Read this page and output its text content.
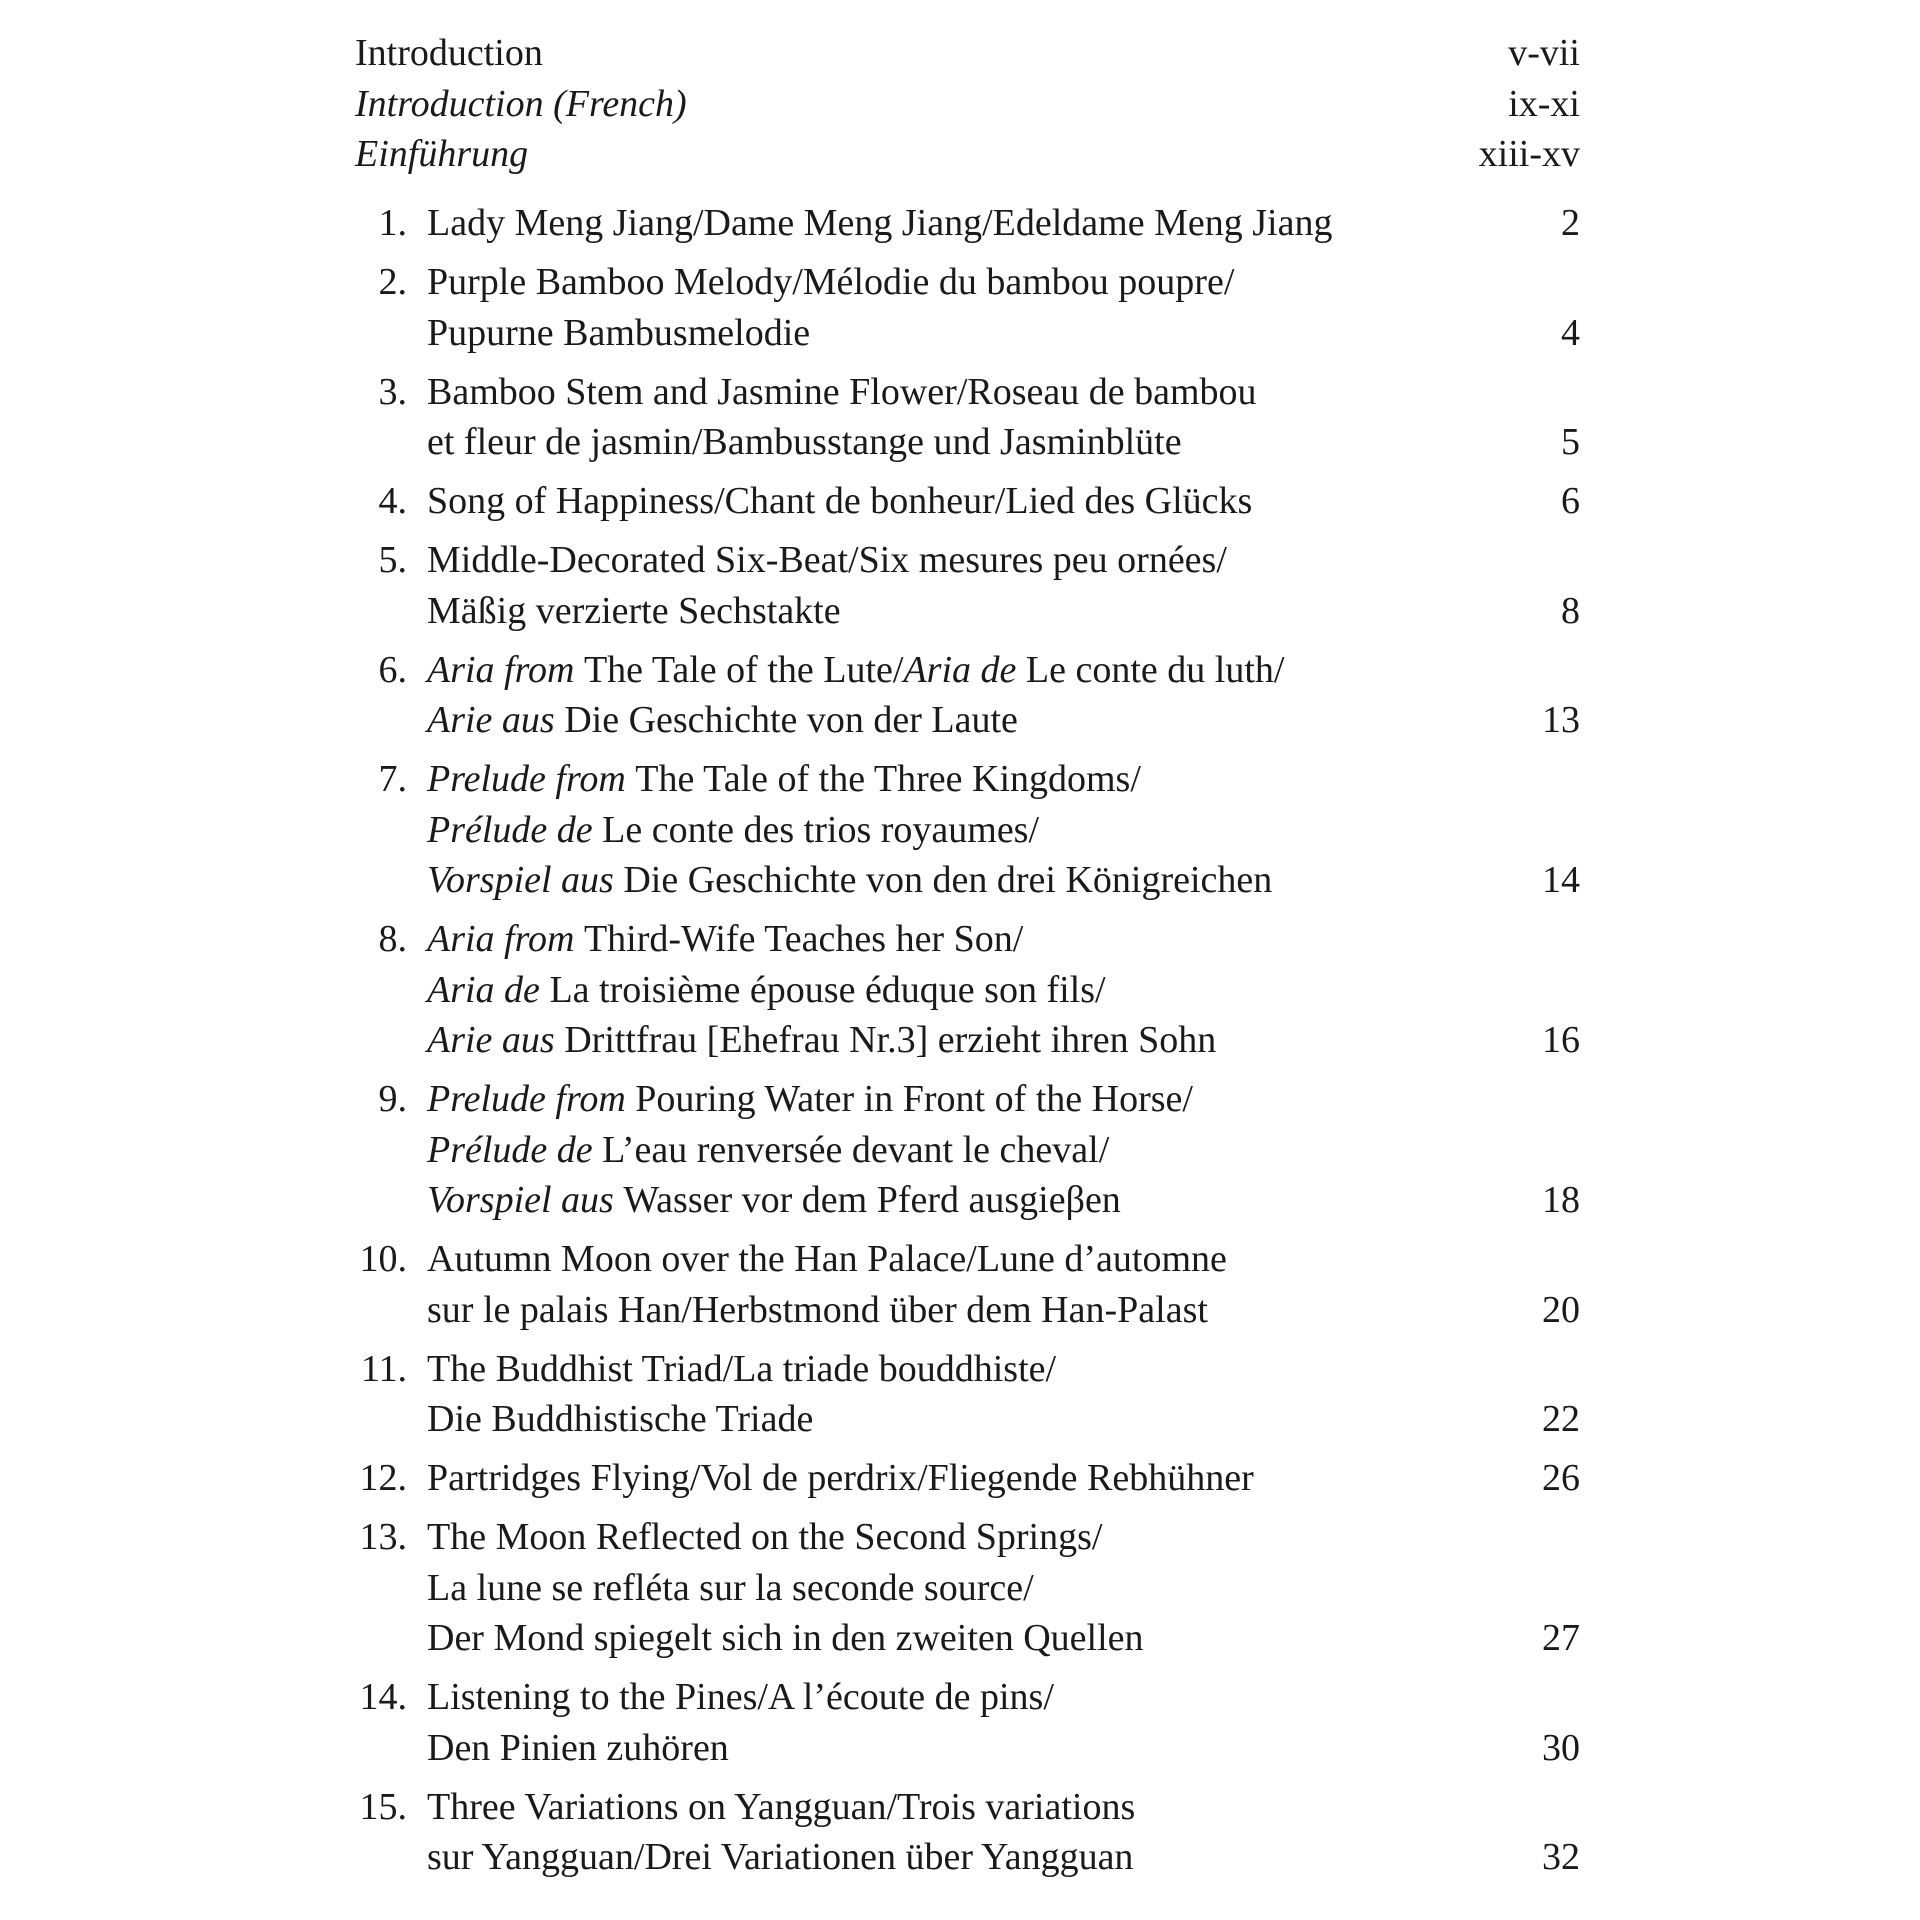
Introduction	v-vii
Introduction (French)	ix-xi
Einführung	xiii-xv
1. Lady Meng Jiang/Dame Meng Jiang/Edeldame Meng Jiang	2
2. Purple Bamboo Melody/Mélodie du bambou poupre/
Pupurne Bambusmelodie	4
3. Bamboo Stem and Jasmine Flower/Roseau de bambou
et fleur de jasmin/Bambusstange und Jasminblüte	5
4. Song of Happiness/Chant de bonheur/Lied des Glücks	6
5. Middle-Decorated Six-Beat/Six mesures peu ornées/
Mäßig verzierte Sechstakte	8
6. Aria from The Tale of the Lute/Aria de Le conte du luth/
Arie aus Die Geschichte von der Laute	13
7. Prelude from The Tale of the Three Kingdoms/
Prélude de Le conte des trios royaumes/
Vorspiel aus Die Geschichte von den drei Königreichen	14
8. Aria from Third-Wife Teaches her Son/
Aria de La troisième épouse éduque son fils/
Arie aus Drittfrau [Ehefrau Nr.3] erzieht ihren Sohn	16
9. Prelude from Pouring Water in Front of the Horse/
Prélude de L’eau renversée devant le cheval/
Vorspiel aus Wasser vor dem Pferd ausgieβen	18
10. Autumn Moon over the Han Palace/Lune d’automne
sur le palais Han/Herbstmond über dem Han-Palast	20
11. The Buddhist Triad/La triade bouddhiste/
Die Buddhistische Triade	22
12. Partridges Flying/Vol de perdrix/Fliegende Rebhühner	26
13. The Moon Reflected on the Second Springs/
La lune se refléta sur la seconde source/
Der Mond spiegelt sich in den zweiten Quellen	27
14. Listening to the Pines/A l’écoute de pins/
Den Pinien zuhören	30
15. Three Variations on Yangguan/Trois variations
sur Yangguan/Drei Variationen über Yangguan	32
